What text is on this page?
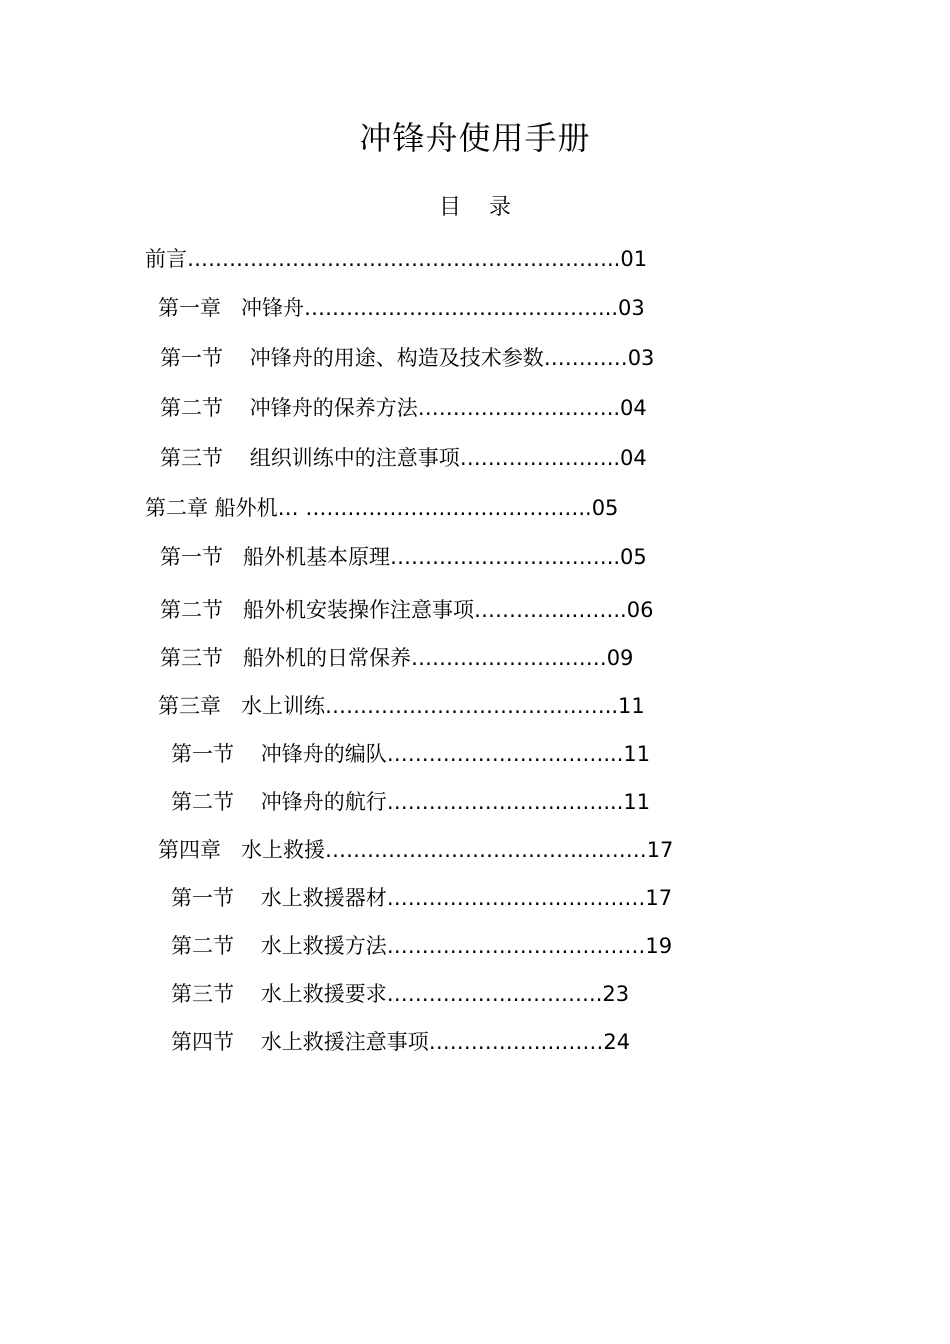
冲锋舟使用手册
目    录

前言……………………………………………………..01

第一章   冲锋舟……………………………………...03

第一节    冲锋舟的用途、构造及技术参数…………03

第二节    冲锋舟的保养方法………………………..04

第三节    组织训练中的注意事项…………………..04

第二章 船外机… …………………………………..05

第一节   船外机基本原理…………………….……..05

第二节   船外机安装操作注意事项…………..……..06

第三节   船外机的日常保养………………….……09

第三章   水上训练…………………………….……..11

第一节    冲锋舟的编队…………………….……...11

第二节    冲锋舟的航行…………………….……...11

第四章   水上救援……………………………….………17

第一节    水上救援器材…………………….…………17

第二节    水上救援方法…………………….…………19

第三节    水上救援要求………………..………..23

第四节    水上救援注意事项…………….………24
